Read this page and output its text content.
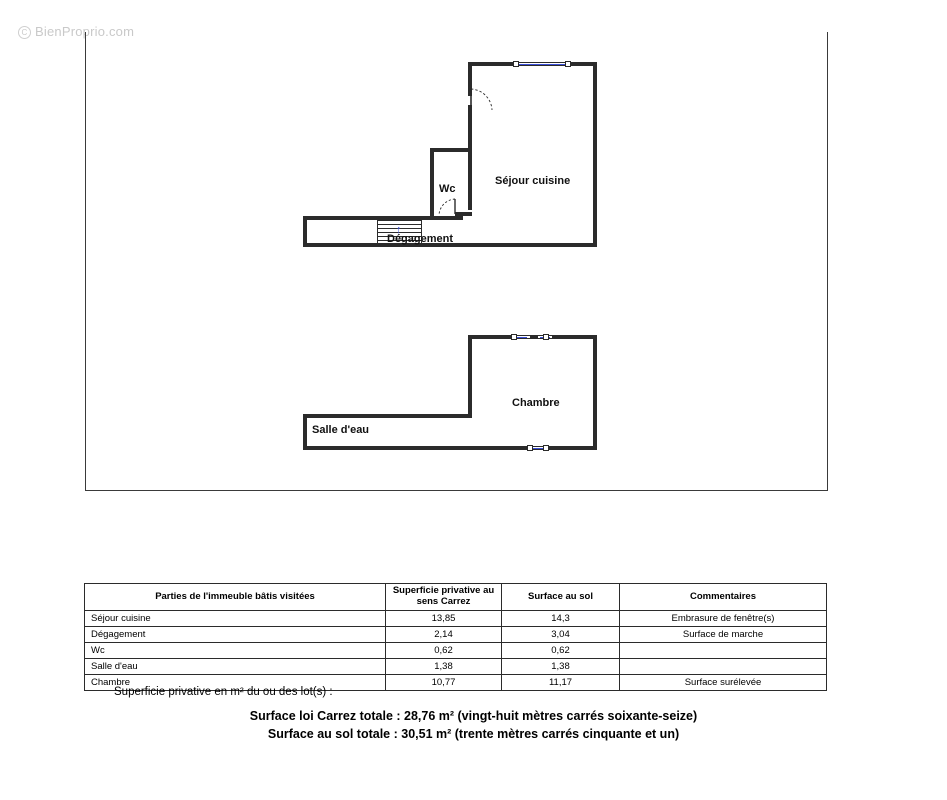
C BienProprio.com
↑
Séjour cuisine
Wc
Dégagement
Chambre
Salle d'eau
Parties de l'immeuble bâtis visitées	Superficie privative au sens Carrez	Surface au sol	Commentaires
Séjour cuisine	13,85	14,3	Embrasure de fenêtre(s)
Dégagement	2,14	3,04	Surface de marche
Wc	0,62	0,62	
Salle d'eau	1,38	1,38	
Chambre	10,77	11,17	Surface surélevée
Superficie privative en m² du ou des lot(s) :
Surface loi Carrez totale : 28,76 m² (vingt-huit mètres carrés soixante-seize)
Surface au sol totale : 30,51 m² (trente mètres carrés cinquante et un)
